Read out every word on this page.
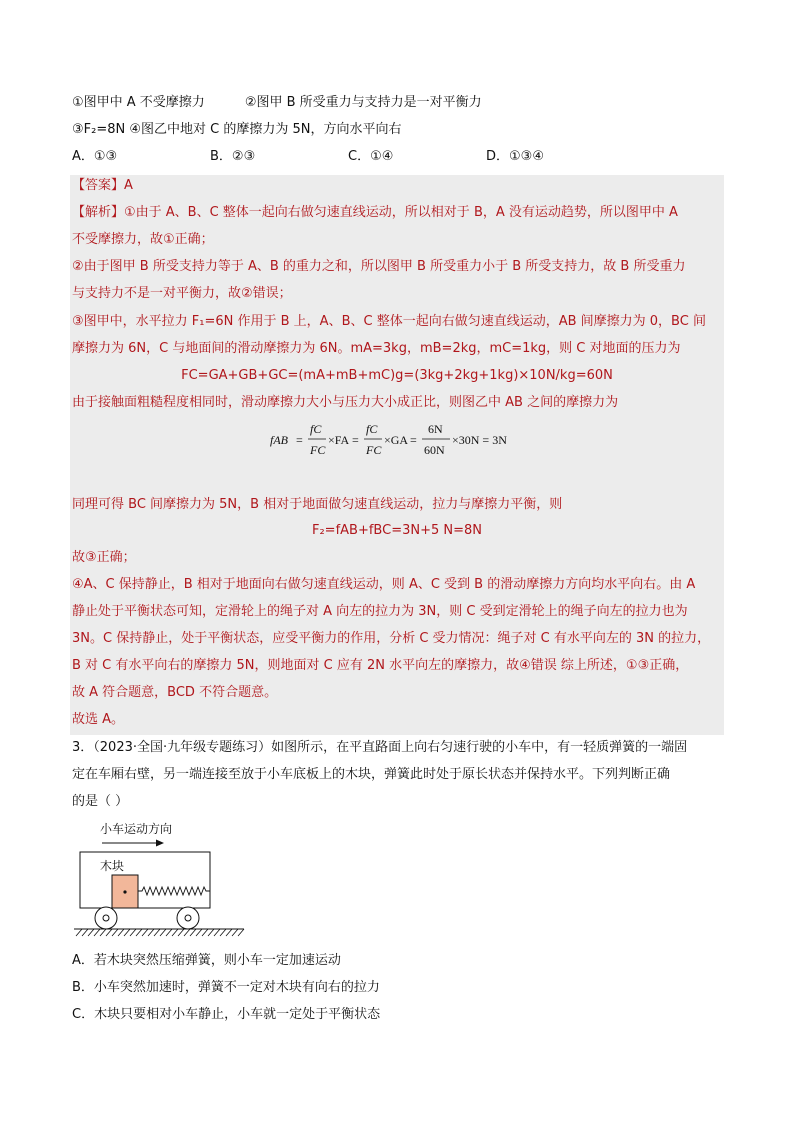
①图甲中 A 不受摩擦力	②图甲 B 所受重力与支持力是一对平衡力
③F₂=8N ④图乙中地对 C 的摩擦力为 5N，方向水平向右
A．①③	B．②③	C．①④	D．①③④
【答案】A
【解析】①由于 A、B、C 整体一起向右做匀速直线运动，所以相对于 B，A 没有运动趋势，所以图甲中 A
不受摩擦力，故①正确；
②由于图甲 B 所受支持力等于 A、B 的重力之和，所以图甲 B 所受重力小于 B 所受支持力，故 B 所受重力
与支持力不是一对平衡力，故②错误；
③图甲中，水平拉力 F₁=6N 作用于 B 上，A、B、C 整体一起向右做匀速直线运动，AB 间摩擦力为 0，BC 间
摩擦力为 6N，C 与地面间的滑动摩擦力为 6N。mA=3kg，mB=2kg，mC=1kg，则 C 对地面的压力为
FC=GA+GB+GC=(mA+mB+mC)g=(3kg+2kg+1kg)×10N/kg=60N
由于接触面粗糙程度相同时，滑动摩擦力大小与压力大小成正比，则图乙中 AB 之间的摩擦力为
fAB =
fC
FC
×FA =
fC
FC
×GA =
6N
60N
×30N = 3N
同理可得 BC 间摩擦力为 5N，B 相对于地面做匀速直线运动，拉力与摩擦力平衡，则
F₂=fAB+fBC=3N+5 N=8N
故③正确；
④A、C 保持静止，B 相对于地面向右做匀速直线运动，则 A、C 受到 B 的滑动摩擦力方向均水平向右。由 A
静止处于平衡状态可知，定滑轮上的绳子对 A 向左的拉力为 3N，则 C 受到定滑轮上的绳子向左的拉力也为
3N。C 保持静止，处于平衡状态，应受平衡力的作用，分析 C 受力情况：绳子对 C 有水平向左的 3N 的拉力，
B 对 C 有水平向右的摩擦力 5N，则地面对 C 应有 2N 水平向左的摩擦力，故④错误 综上所述，①③正确，
故 A 符合题意，BCD 不符合题意。
故选 A。
3．（2023·全国·九年级专题练习）如图所示，在平直路面上向右匀速行驶的小车中，有一轻质弹簧的一端固
定在车厢右壁，另一端连接至放于小车底板上的木块，弹簧此时处于原长状态并保持水平。下列判断正确
的是（ ）
小车运动方向
木块
A．若木块突然压缩弹簧，则小车一定加速运动
B．小车突然加速时，弹簧不一定对木块有向右的拉力
C．木块只要相对小车静止，小车就一定处于平衡状态
